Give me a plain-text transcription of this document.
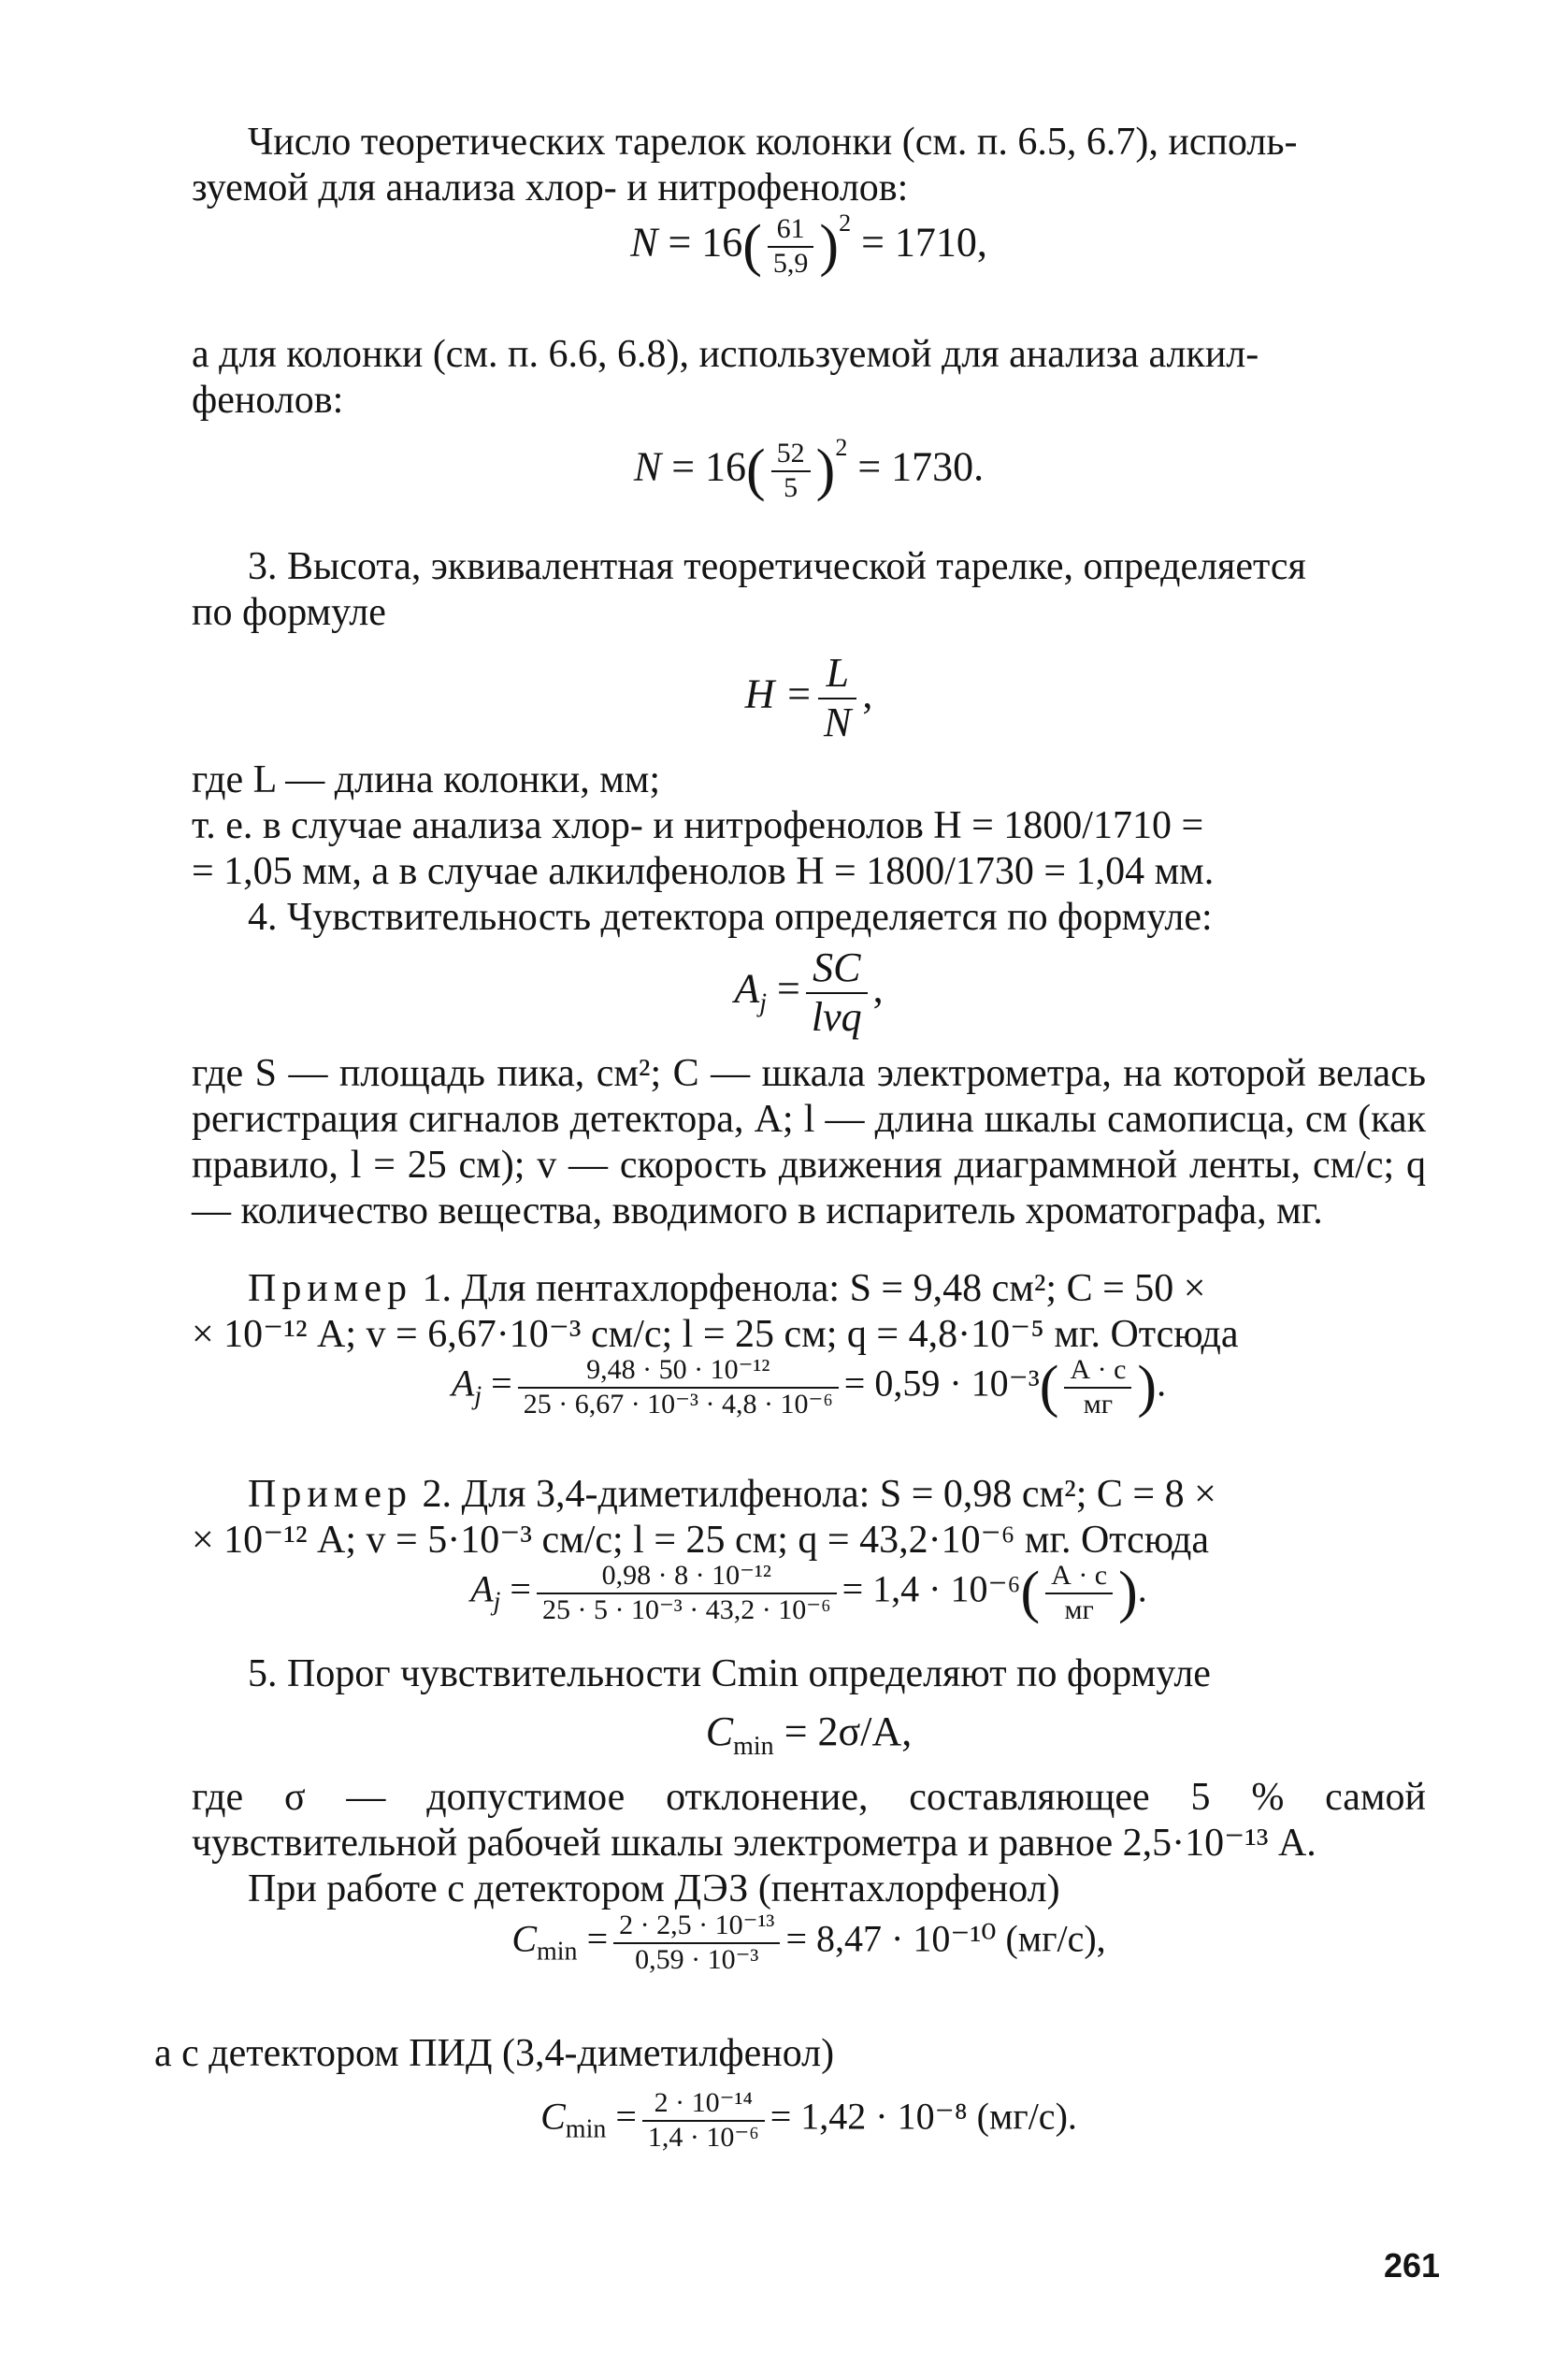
Число теоретических тарелок колонки (см. п. 6.5, 6.7), исполь-

зуемой для анализа хлор- и нитрофенолов:

$N = 16( \frac{61}{5,9} )^2 = 1710$,

а для колонки (см. п. 6.6, 6.8), используемой для анализа алкил-

фенолов:

$N = 16( \frac{52}{5} )^2 = 1730$.

3. Высота, эквивалентная теоретической тарелке, определяется

по формуле

$H = \frac{L}{N}$ ,

где L — длина колонки, мм;

т. е. в случае анализа хлор- и нитрофенолов H = 1800/1710 =

= 1,05 мм, а в случае алкилфенолов H = 1800/1730 = 1,04 мм.

4. Чувствительность детектора определяется по формуле:

$A_j = \frac{SC}{\text{lvq}}$ ,

где S — площадь пика, см²; C — шкала электрометра, на которой велась регистрация сигналов детектора, А; l — длина шкалы самописца, см (как правило, l = 25 см); v — скорость движения диаграммной ленты, см/с; q — количество вещества, вводимого в испаритель хроматографа, мг.

Пример 1. Для пентахлорфенола: S = 9,48 см²; C = 50 ×

× 10⁻¹² А; v = 6,67·10⁻³ см/с; l = 25 см; q = 4,8·10⁻⁵ мг. Отсюда

$A_j = \frac{\text{9,48 · 50 · 10⁻¹²}}{\text{25 · 6,67 · 10⁻³ · 4,8 · 10⁻⁶}} = 0,59 \cdot 10^{-3}( \frac{А \cdot с}{мг}$ ).

Пример 2. Для 3,4-диметилфенола: S = 0,98 см²; C = 8 ×

× 10⁻¹² А; v = 5·10⁻³ см/с; l = 25 см; q = 43,2·10⁻⁶ мг. Отсюда

$A_j = \frac{\text{0,98 · 8 · 10⁻¹²}}{\text{25 · 5 · 10⁻³ · 43,2 · 10⁻⁶}} = 1,4 \cdot 10^{-6}( \frac{А \cdot с}{мг}$ ).

5. Порог чувствительности Cmin определяют по формуле

$C_{min} = 2\sigma/A$,

где σ — допустимое отклонение, составляющее 5 % самой чувствительной рабочей шкалы электрометра и равное 2,5·10⁻¹³ А.

При работе с детектором ДЭЗ (пентахлорфенол)

$C_{min} = \frac{\text{2 · 2,5 · 10⁻¹³}}{\text{0,59 · 10⁻³}} = 8,47 \cdot 10^{-10}$ (мг/с),

а с детектором ПИД (3,4-диметилфенол)

$C_{min} = \frac{\text{2 · 10⁻¹⁴}}{\text{1,4 · 10⁻⁶}} = 1,42 \cdot 10^{-8}$ (мг/с).
261
